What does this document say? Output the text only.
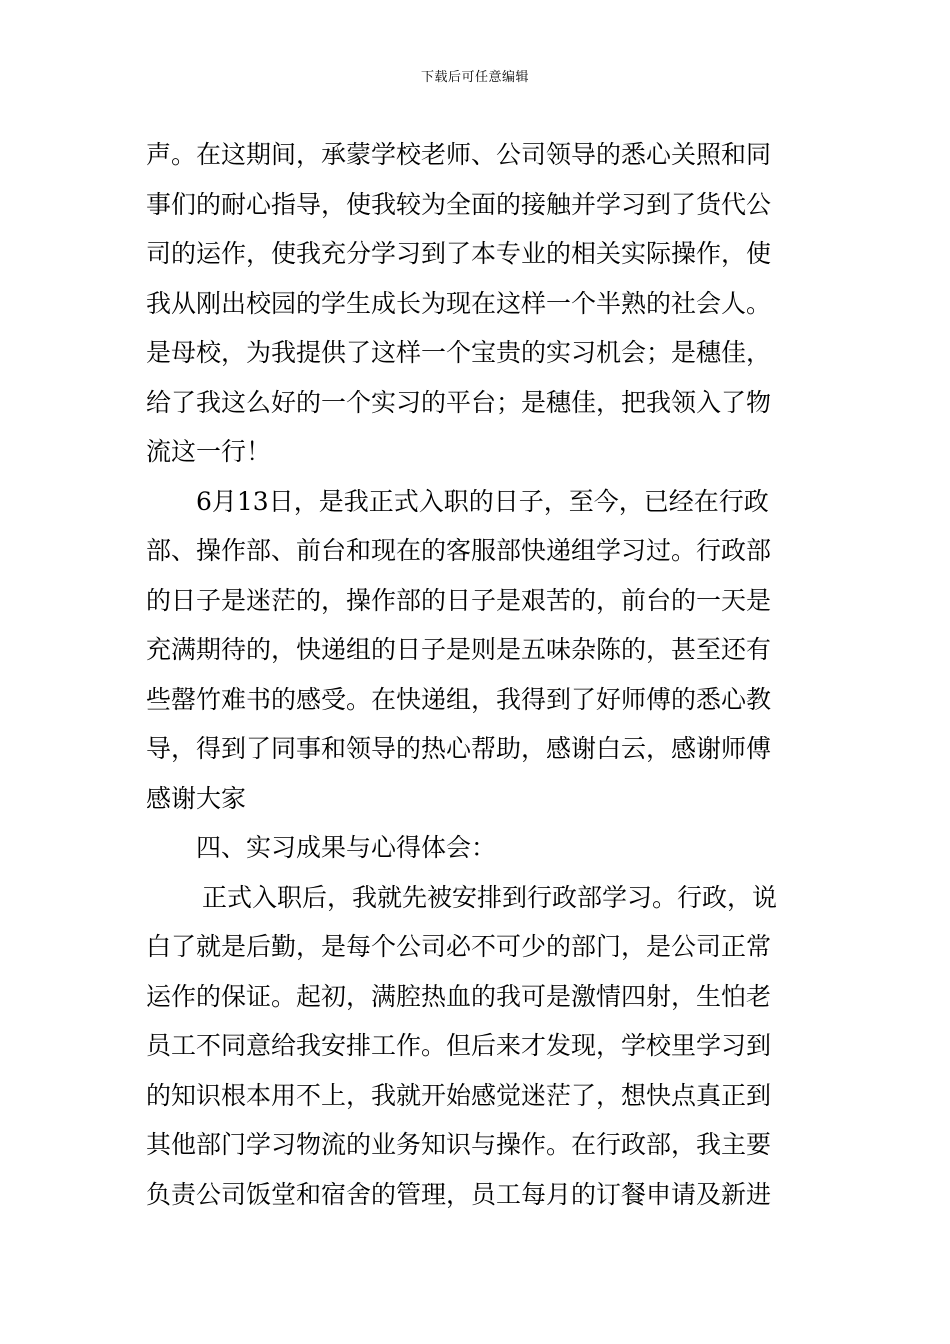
下载后可任意编辑
声。在这期间，承蒙学校老师、公司领导的悉心关照和同
事们的耐心指导，使我较为全面的接触并学习到了货代公
司的运作，使我充分学习到了本专业的相关实际操作，使
我从刚出校园的学生成长为现在这样一个半熟的社会人。
是母校，为我提供了这样一个宝贵的实习机会；是穗佳，
给了我这么好的一个实习的平台；是穗佳，把我领入了物
流这一行！
6月13日，是我正式入职的日子，至今，已经在行政
部、操作部、前台和现在的客服部快递组学习过。行政部
的日子是迷茫的，操作部的日子是艰苦的，前台的一天是
充满期待的，快递组的日子是则是五味杂陈的，甚至还有
些罄竹难书的感受。在快递组，我得到了好师傅的悉心教
导，得到了同事和领导的热心帮助，感谢白云，感谢师傅
感谢大家
四、实习成果与心得体会：
正式入职后，我就先被安排到行政部学习。行政，说
白了就是后勤，是每个公司必不可少的部门，是公司正常
运作的保证。起初，满腔热血的我可是激情四射，生怕老
员工不同意给我安排工作。但后来才发现，学校里学习到
的知识根本用不上，我就开始感觉迷茫了，想快点真正到
其他部门学习物流的业务知识与操作。在行政部，我主要
负责公司饭堂和宿舍的管理，员工每月的订餐申请及新进
